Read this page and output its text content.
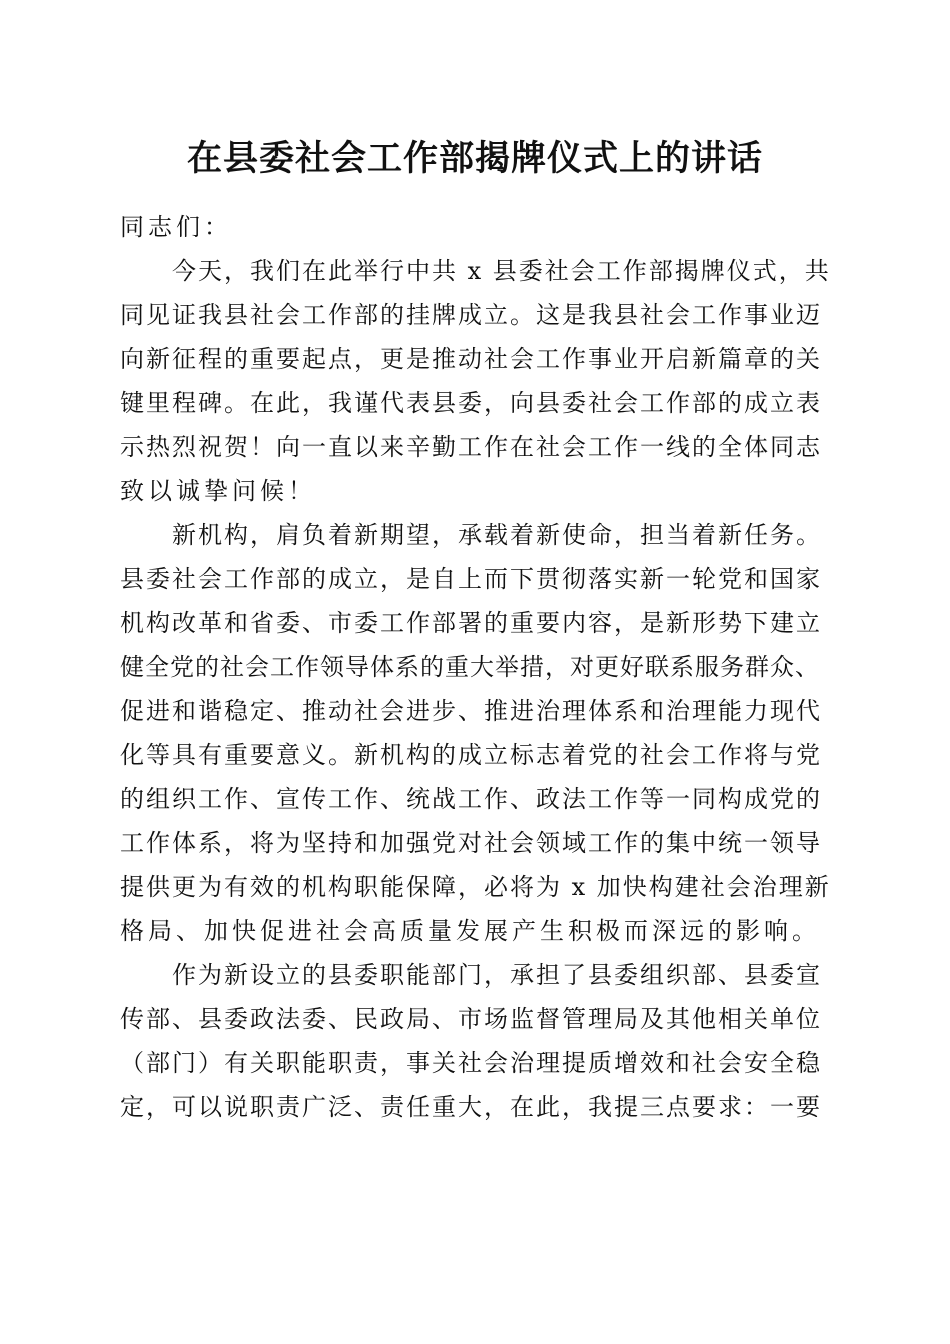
在县委社会工作部揭牌仪式上的讲话
同志们：
今天，我们在此举行中共 x 县委社会工作部揭牌仪式，共
同见证我县社会工作部的挂牌成立。这是我县社会工作事业迈
向新征程的重要起点，更是推动社会工作事业开启新篇章的关
键里程碑。在此，我谨代表县委，向县委社会工作部的成立表
示热烈祝贺！向一直以来辛勤工作在社会工作一线的全体同志
致以诚挚问候！
新机构，肩负着新期望，承载着新使命，担当着新任务。
县委社会工作部的成立，是自上而下贯彻落实新一轮党和国家
机构改革和省委、市委工作部署的重要内容，是新形势下建立
健全党的社会工作领导体系的重大举措，对更好联系服务群众、
促进和谐稳定、推动社会进步、推进治理体系和治理能力现代
化等具有重要意义。新机构的成立标志着党的社会工作将与党
的组织工作、宣传工作、统战工作、政法工作等一同构成党的
工作体系，将为坚持和加强党对社会领域工作的集中统一领导
提供更为有效的机构职能保障，必将为 x 加快构建社会治理新
格局、加快促进社会高质量发展产生积极而深远的影响。
作为新设立的县委职能部门，承担了县委组织部、县委宣
传部、县委政法委、民政局、市场监督管理局及其他相关单位
（部门）有关职能职责，事关社会治理提质增效和社会安全稳
定，可以说职责广泛、责任重大，在此，我提三点要求：一要
